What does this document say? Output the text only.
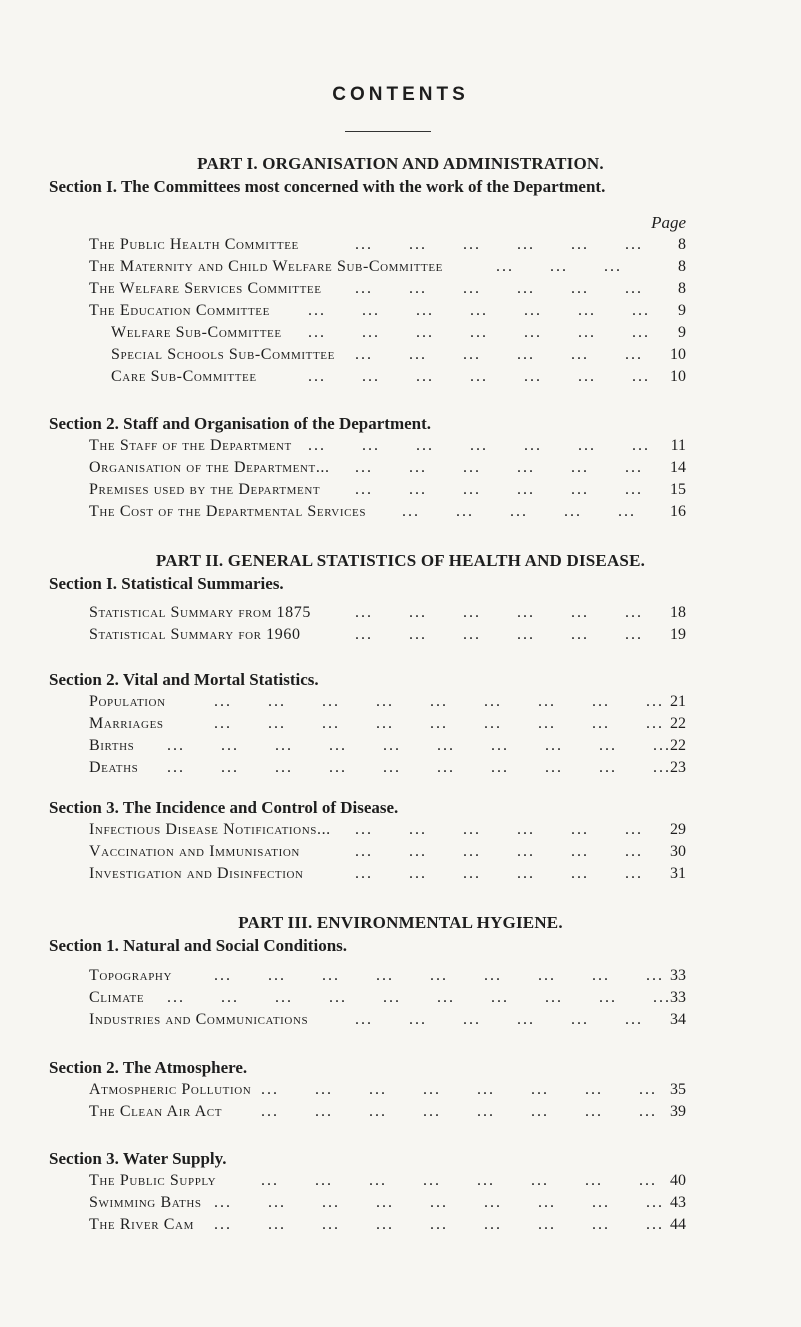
CONTENTS
PART I. ORGANISATION AND ADMINISTRATION.
Section I. The Committees most concerned with the work of the Department.
Page
The Public Health Committee	...  ...  ...  ...  ...  ... 8
The Maternity and Child Welfare Sub-Committee	...  ...  ...	8
The Welfare Services Committee ...  ...  ...  ...  ...  ... 8
The Education Committee ...  ...  ...  ...  ...  ...  ... 9
Welfare Sub-Committee ...  ...  ...  ...  ...  ...  ... 9
Special Schools Sub-Committee ...  ...  ...  ...  ...  ... 10
Care Sub-Committee	...  ...  ...  ...  ...  ...  ... 10
Section 2. Staff and Organisation of the Department.
The Staff of the Department ...  ...  ...  ...  ...  ...  ... 11
Organisation of the Department... ...  ...  ...  ...  ...  ... 14
Premises used by the Department ...  ...  ...  ...  ...  ... 15
The Cost of the Departmental Services ...  ...  ...  ...  ... 16
PART II. GENERAL STATISTICS OF HEALTH AND DISEASE.
Section I. Statistical Summaries.
Statistical Summary from 1875	...  ...  ...  ...  ...  ... 18
Statistical Summary for 1960	...  ...  ...  ...  ...  ... 19
Section 2. Vital and Mortal Statistics.
Population	...  ...  ...  ...  ...  ...  ...  ...  ... 21
Marriages	...  ...  ...  ...  ...  ...  ...  ...  ... 22
Births ...  ...  ...  ...  ...  ...  ...  ...  ...  ... 22
Deaths ...  ...  ...  ...  ...  ...  ...  ...  ...  ... 23
Section 3. The Incidence and Control of Disease.
Infectious Disease Notifications... ...  ...  ...  ...  ...  ... 29
Vaccination and Immunisation	...  ...  ...  ...  ...  ... 30
Investigation and Disinfection	...  ...  ...  ...  ...  ... 31
PART III. ENVIRONMENTAL HYGIENE.
Section 1. Natural and Social Conditions.
Topography	...  ...  ...  ...  ...  ...  ...  ...  ... 33
Climate ...  ...  ...  ...  ...  ...  ...  ...  ...  ... 33
Industries and Communications	...  ...  ...  ...  ...  ... 34
Section 2. The Atmosphere.
Atmospheric Pollution ...  ...  ...  ...  ...  ...  ...  ... 35
The Clean Air Act ...  ...  ...  ...  ...  ...  ...  ... 39
Section 3. Water Supply.
The Public Supply	...  ...  ...  ...  ...  ...  ...  ... 40
Swimming Baths ...  ...  ...  ...  ...  ...  ...  ...  ... 43
The River Cam ...  ...  ...  ...  ...  ...  ...  ...  ... 44
